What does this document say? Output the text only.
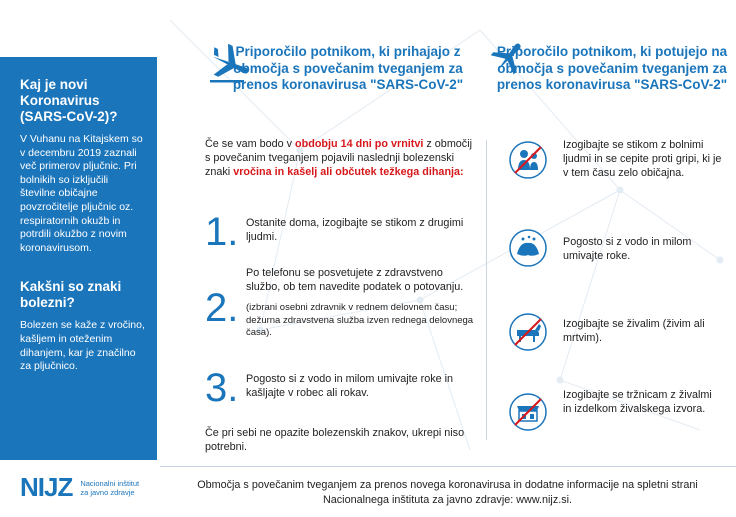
Kaj je novi Koronavirus (SARS-CoV-2)?

V Vuhanu na Kitajskem so v decembru 2019 zaznali več primerov pljučnic. Pri bolnikih so izključili številne običajne povzročitelje pljučnic oz. respiratornih okužb in potrdili okužbo z novim koronavirusom.

Kakšni so znaki bolezni?

Bolezen se kaže z vročino, kašljem in oteženim dihanjem, kar je značilno za pljučnico.

NIJZ Nacionalni inštitut
za javno zdravje
Priporočilo potnikom, ki prihajajo z območja s povečanim tveganjem za prenos koronavirusa "SARS-CoV-2"
Priporočilo potnikom, ki potujejo na območja s povečanim tveganjem za prenos koronavirusa "SARS-CoV-2"
Če se vam bodo v obdobju 14 dni po vrnitvi z območij s povečanim tveganjem pojavili naslednji bolezenski znaki vročina in kašelj ali občutek težkega dihanja:
1. Ostanite doma, izogibajte se stikom z drugimi ljudmi.
2.
Po telefonu se posvetujete z zdravstveno službo, ob tem navedite podatek o potovanju.
(izbrani osebni zdravnik v rednem delovnem času; dežurna zdravstvena služba izven rednega delovnega časa).
3. Pogosto si z vodo in milom umivajte roke in kašljajte v robec ali rokav.
Če pri sebi ne opazite bolezenskih znakov, ukrepi niso potrebni.
Izogibajte se stikom z bolnimi ljudmi in se cepite proti gripi, ki je v tem času zelo običajna.
Pogosto si z vodo in milom umivajte roke.
Izogibajte se živalim (živim ali mrtvim).
Izogibajte se tržnicam z živalmi in izdelkom živalskega izvora.
Območja s povečanim tveganjem za prenos novega koronavirusa in dodatne informacije na spletni strani Nacionalnega inštituta za javno zdravje: www.nijz.si.
